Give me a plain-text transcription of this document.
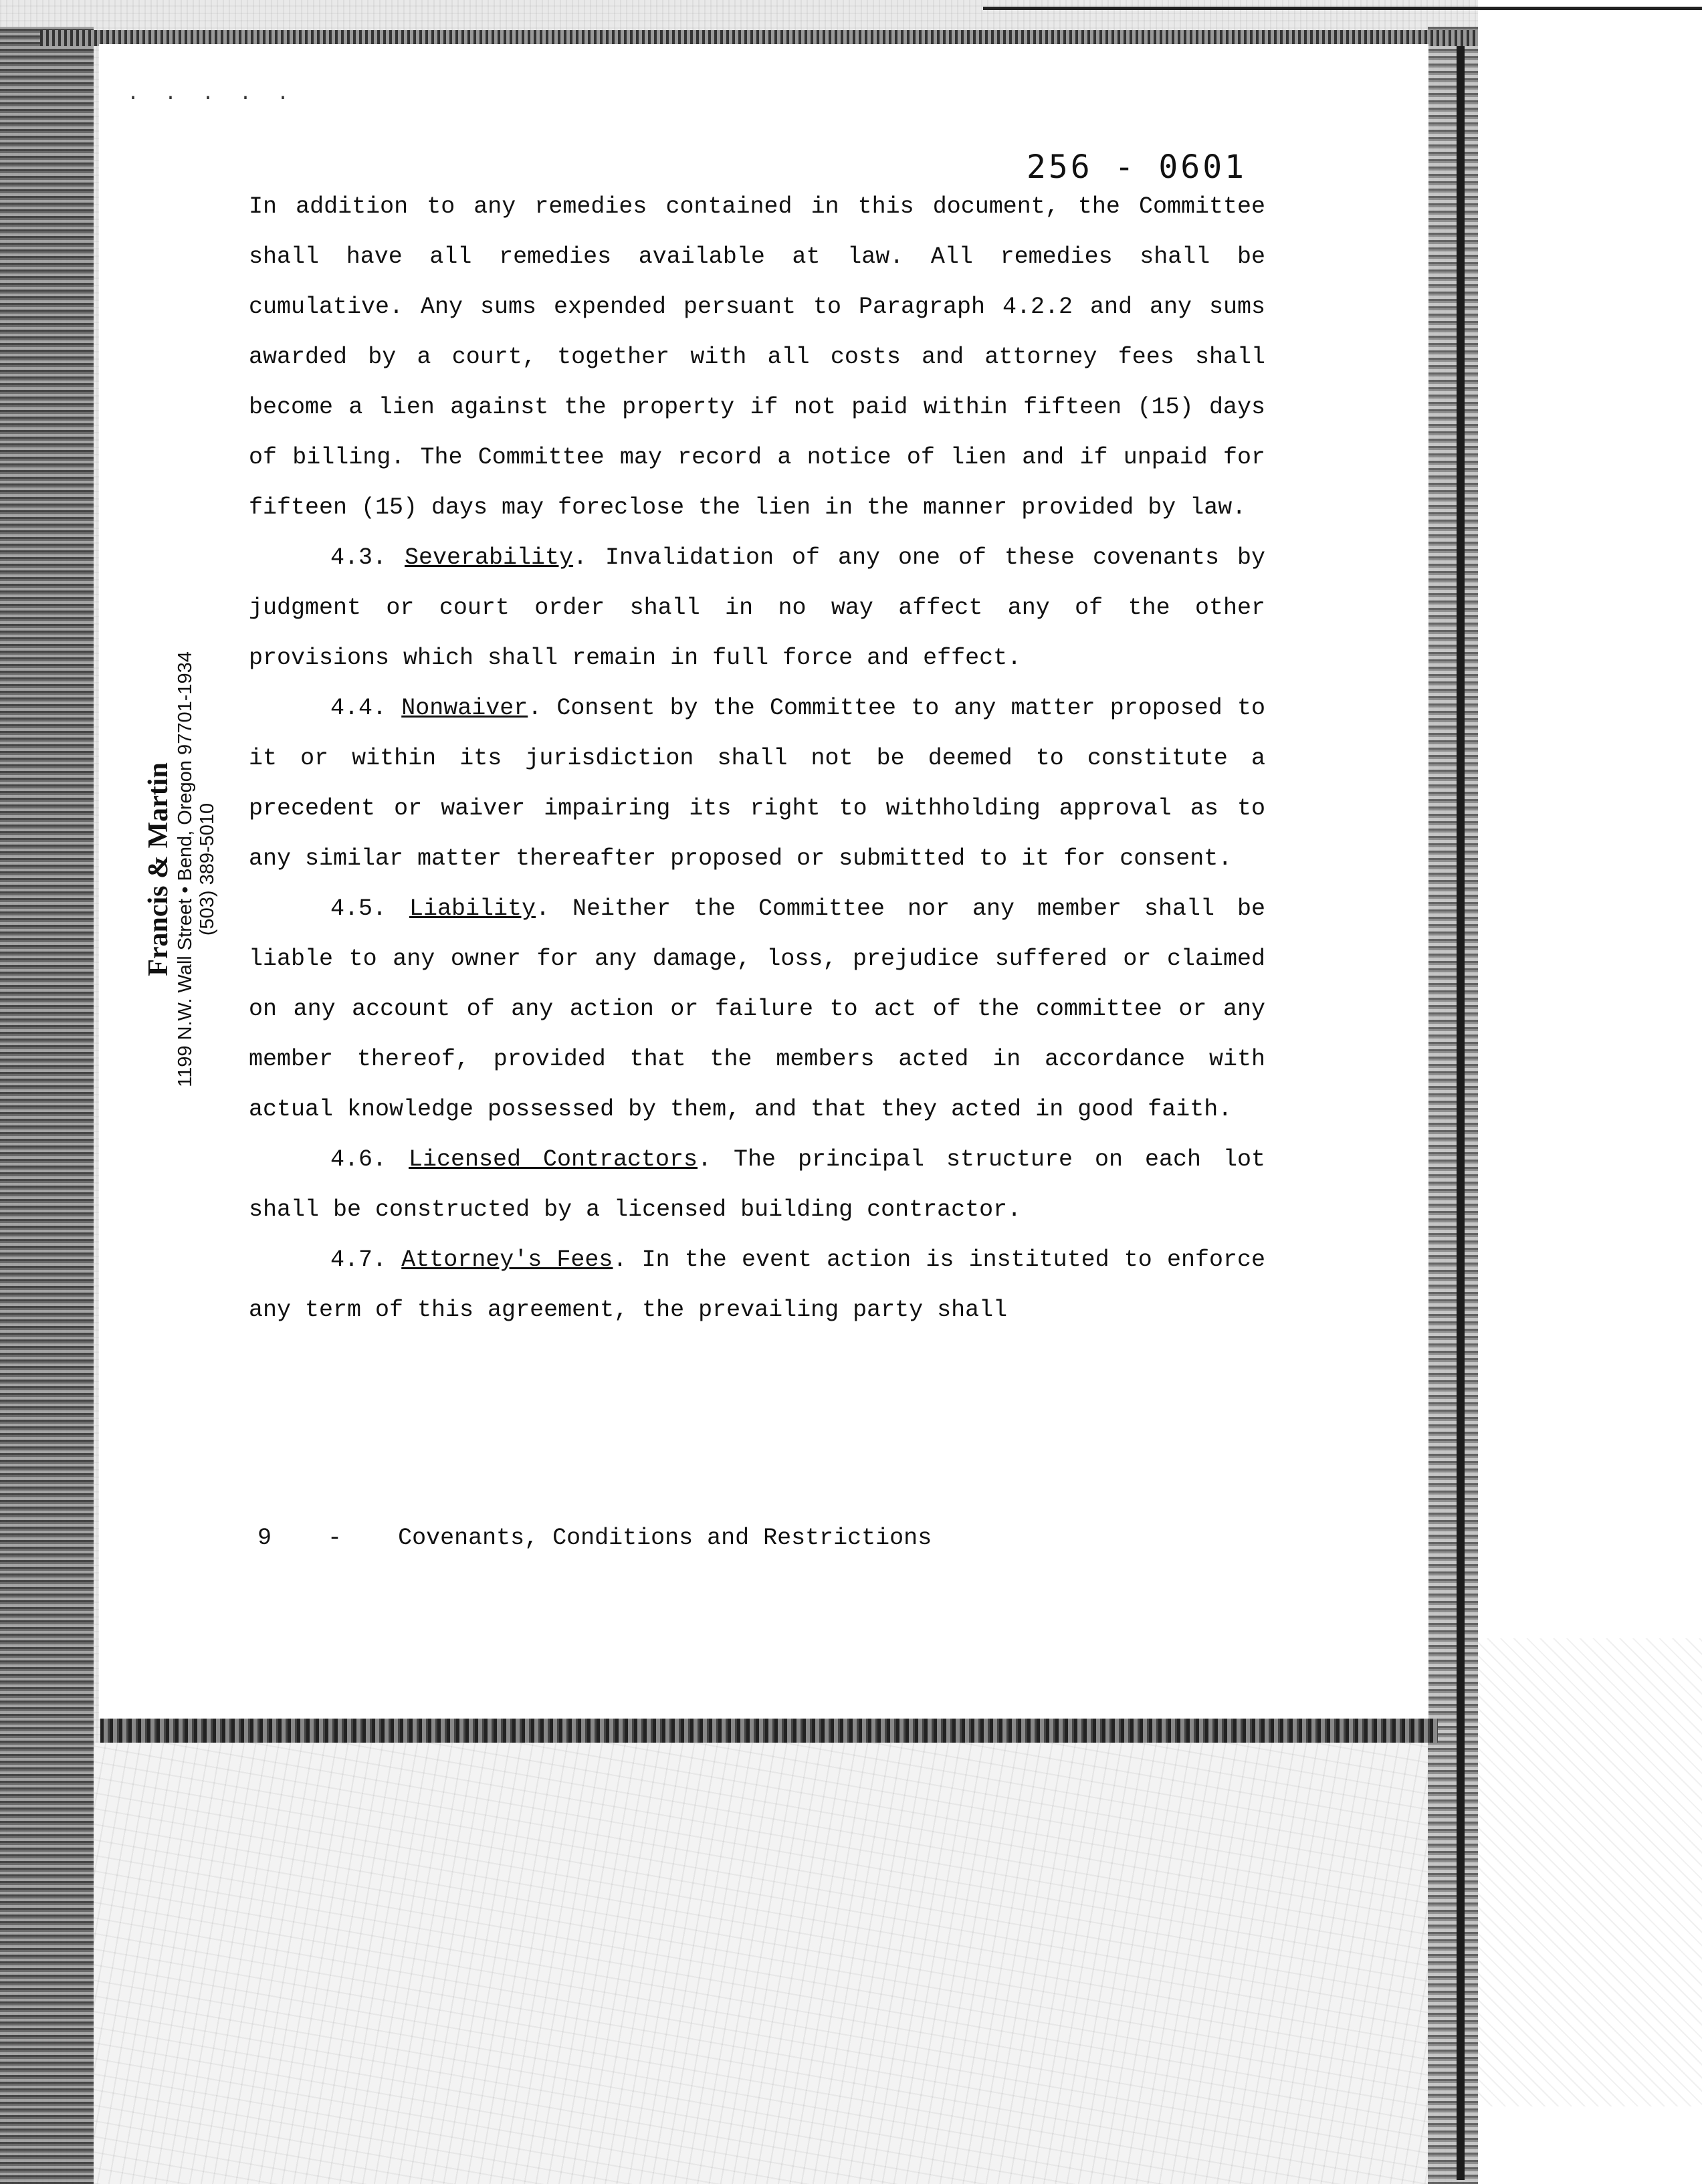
· · · · ·
256 - 0601
Francis & Martin 1199 N.W. Wall Street • Bend, Oregon 97701-1934 (503) 389-5010

In addition to any remedies contained in this document, the Committee shall have all remedies available at law. All remedies shall be cumulative. Any sums expended persuant to Paragraph 4.2.2 and any sums awarded by a court, together with all costs and attorney fees shall become a lien against the property if not paid within fifteen (15) days of billing. The Committee may record a notice of lien and if unpaid for fifteen (15) days may foreclose the lien in the manner provided by law.

4.3. Severability. Invalidation of any one of these covenants by judgment or court order shall in no way affect any of the other provisions which shall remain in full force and effect.

4.4. Nonwaiver. Consent by the Committee to any matter proposed to it or within its jurisdiction shall not be deemed to constitute a precedent or waiver impairing its right to withholding approval as to any similar matter thereafter proposed or submitted to it for consent.

4.5. Liability. Neither the Committee nor any member shall be liable to any owner for any damage, loss, prejudice suffered or claimed on any account of any action or failure to act of the committee or any member thereof, provided that the members acted in accordance with actual knowledge possessed by them, and that they acted in good faith.

4.6. Licensed Contractors. The principal structure on each lot shall be constructed by a licensed building contractor.

4.7. Attorney's Fees. In the event action is instituted to enforce any term of this agreement, the prevailing party shall

9 - Covenants, Conditions and Restrictions
